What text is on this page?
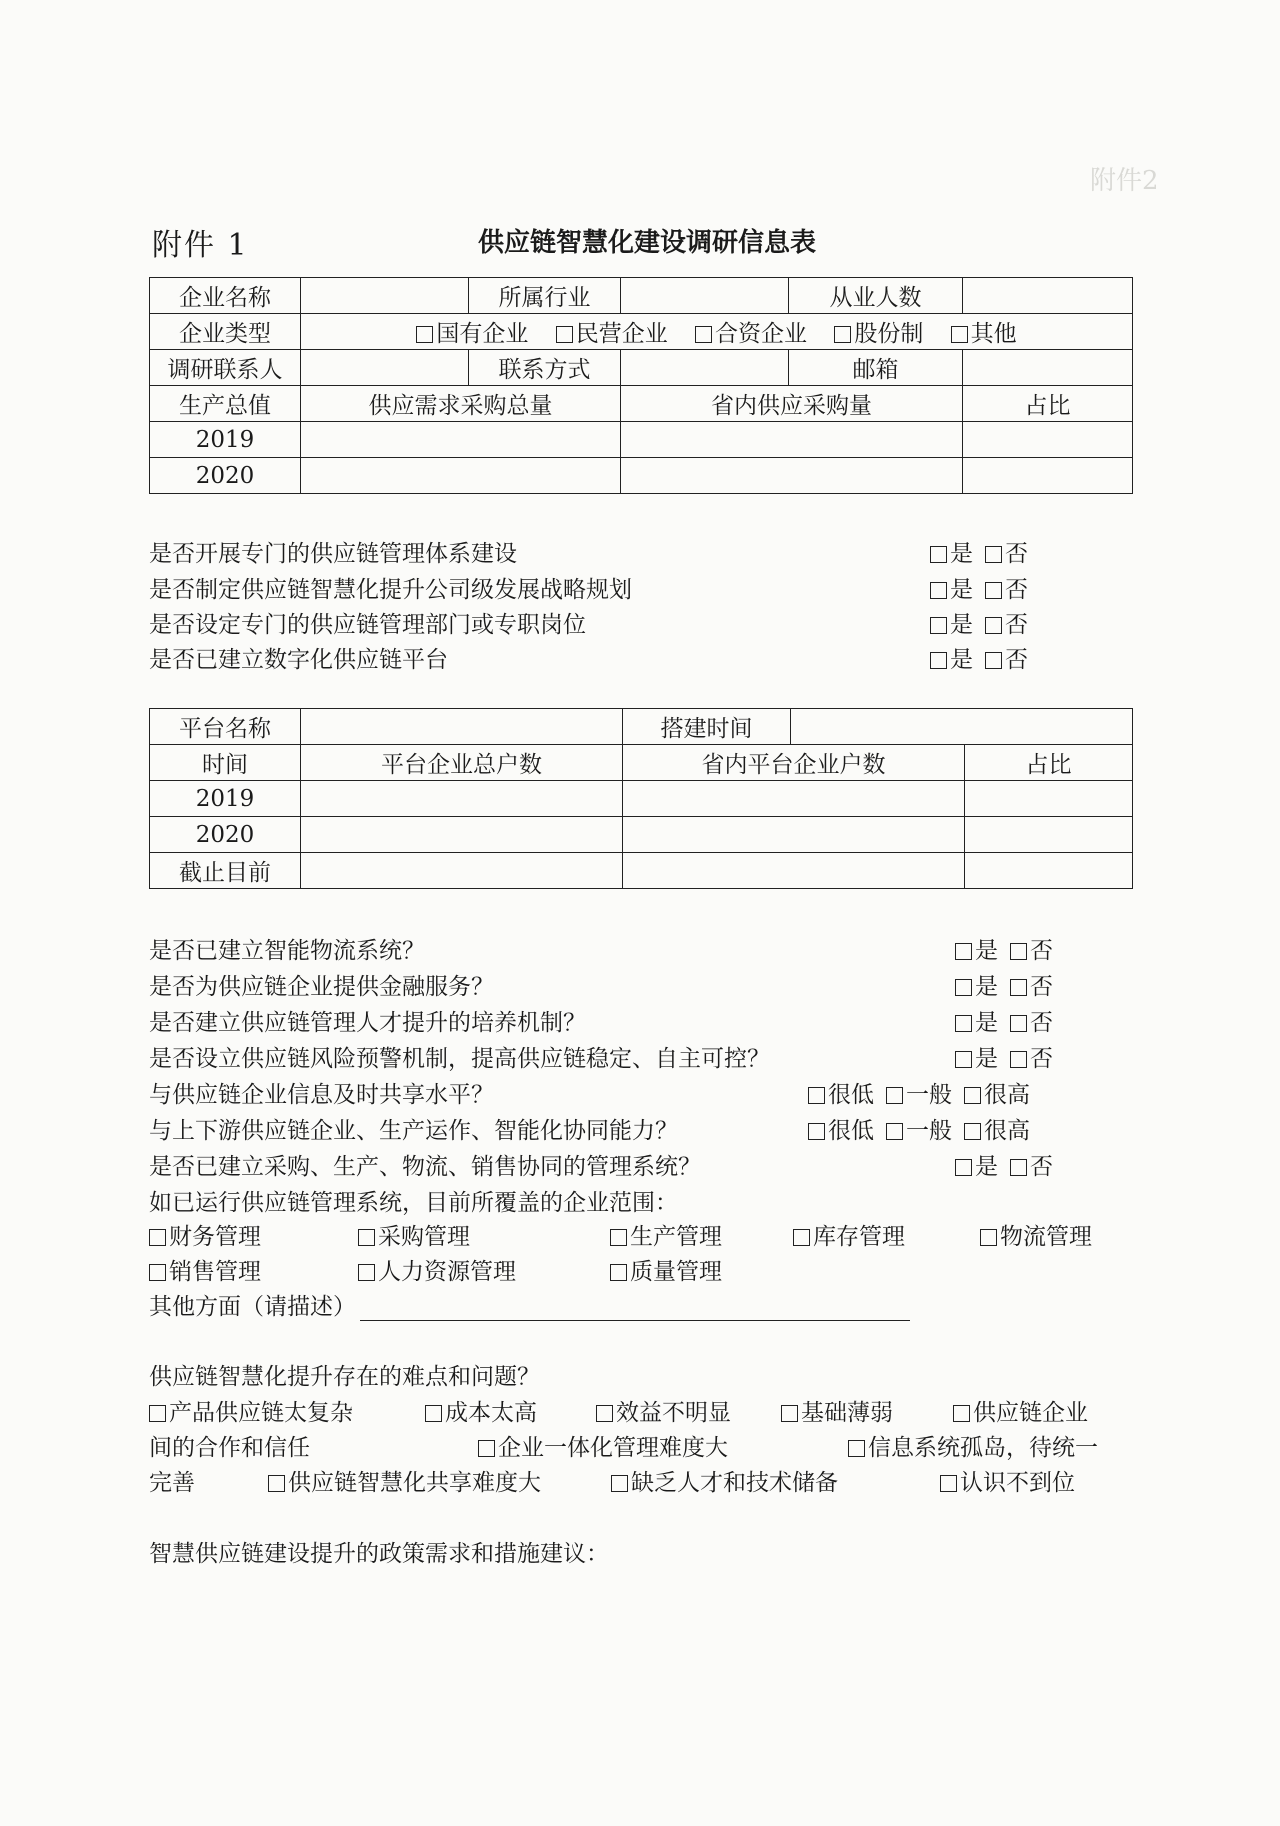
附件2
附件 1	供应链智慧化建设调研信息表
企业名称		所属行业		从业人数	
企业类型	国有企业 民营企业 合资企业 股份制 其他				
调研联系人		联系方式		邮箱	
生产总值	供应需求采购总量		省内供应采购量		占比
2019					
2020					
是否开展专门的供应链管理体系建设	是 否
是否制定供应链智慧化提升公司级发展战略规划	是 否
是否设定专门的供应链管理部门或专职岗位	是 否
是否已建立数字化供应链平台	是 否
平台名称		搭建时间		
时间	平台企业总户数	省内平台企业户数		占比
2019				
2020				
截止目前				
是否已建立智能物流系统？	是 否
是否为供应链企业提供金融服务？	是 否
是否建立供应链管理人才提升的培养机制？	是 否
是否设立供应链风险预警机制，提高供应链稳定、自主可控？	是 否
与供应链企业信息及时共享水平？	很低 一般 很高
与上下游供应链企业、生产运作、智能化协同能力？	很低 一般 很高
是否已建立采购、生产、物流、销售协同的管理系统？	是 否
如已运行供应链管理系统，目前所覆盖的企业范围：
财务管理	采购管理	生产管理	库存管理	物流管理
销售管理	人力资源管理	质量管理
其他方面（请描述）
供应链智慧化提升存在的难点和问题？
产品供应链太复杂	成本太高	效益不明显	基础薄弱	供应链企业
间的合作和信任	企业一体化管理难度大	信息系统孤岛，待统一
完善	供应链智慧化共享难度大	缺乏人才和技术储备	认识不到位
智慧供应链建设提升的政策需求和措施建议：
